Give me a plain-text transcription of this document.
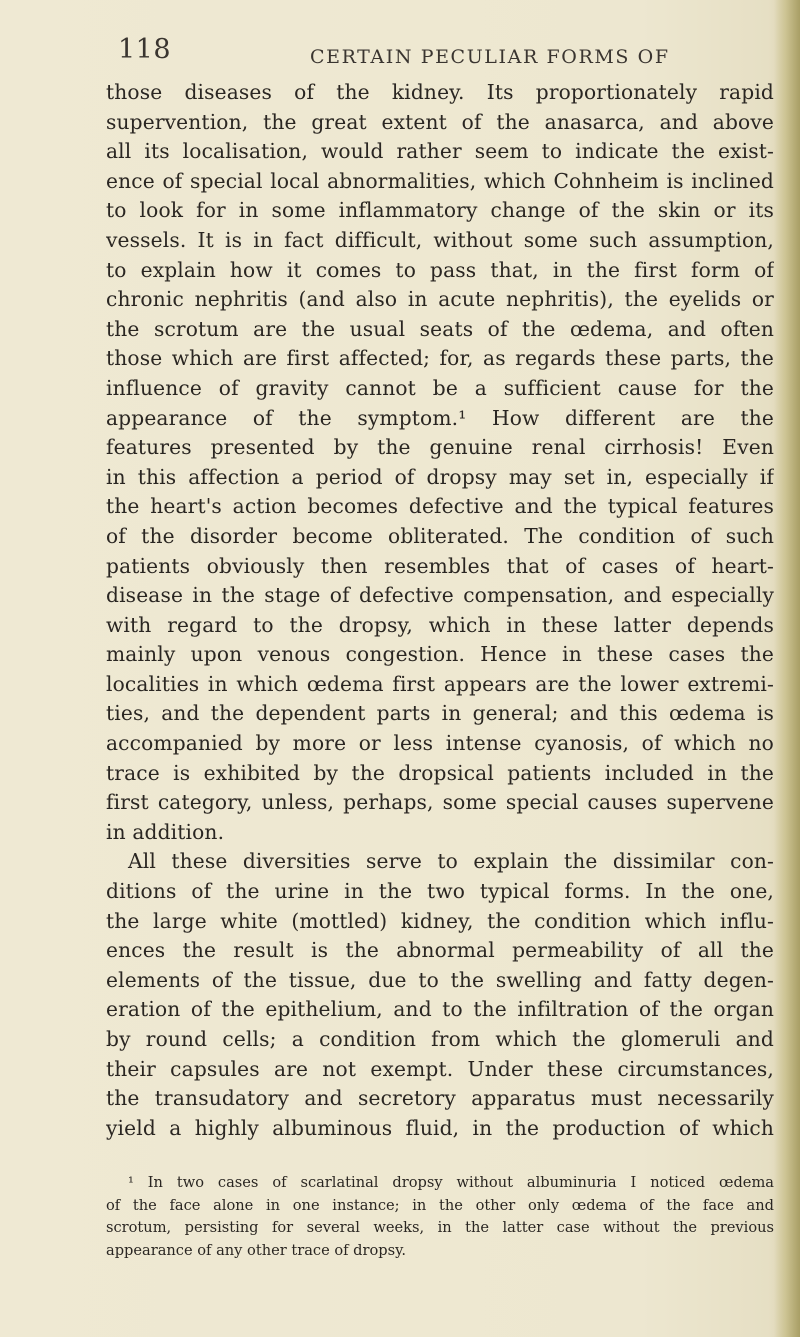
118	CERTAIN PECULIAR FORMS OF
those diseases of the kidney. Its proportionately rapid
supervention, the great extent of the anasarca, and above
all its localisation, would rather seem to indicate the exist-
ence of special local abnormalities, which Cohnheim is inclined
to look for in some inflammatory change of the skin or its
vessels. It is in fact difficult, without some such assumption,
to explain how it comes to pass that, in the first form of
chronic nephritis (and also in acute nephritis), the eyelids or
the scrotum are the usual seats of the œdema, and often
those which are first affected; for, as regards these parts, the
influence of gravity cannot be a sufficient cause for the
appearance of the symptom.¹ How different are the
features presented by the genuine renal cirrhosis! Even
in this affection a period of dropsy may set in, especially if
the heart's action becomes defective and the typical features
of the disorder become obliterated. The condition of such
patients obviously then resembles that of cases of heart-
disease in the stage of defective compensation, and especially
with regard to the dropsy, which in these latter depends
mainly upon venous congestion. Hence in these cases the
localities in which œdema first appears are the lower extremi-
ties, and the dependent parts in general; and this œdema is
accompanied by more or less intense cyanosis, of which no
trace is exhibited by the dropsical patients included in the
first category, unless, perhaps, some special causes supervene
in addition.
All these diversities serve to explain the dissimilar con-
ditions of the urine in the two typical forms. In the one,
the large white (mottled) kidney, the condition which influ-
ences the result is the abnormal permeability of all the
elements of the tissue, due to the swelling and fatty degen-
eration of the epithelium, and to the infiltration of the organ
by round cells; a condition from which the glomeruli and
their capsules are not exempt. Under these circumstances,
the transudatory and secretory apparatus must necessarily
yield a highly albuminous fluid, in the production of which
¹ In two cases of scarlatinal dropsy without albuminuria I noticed œdema
of the face alone in one instance; in the other only œdema of the face and
scrotum, persisting for several weeks, in the latter case without the previous
appearance of any other trace of dropsy.
